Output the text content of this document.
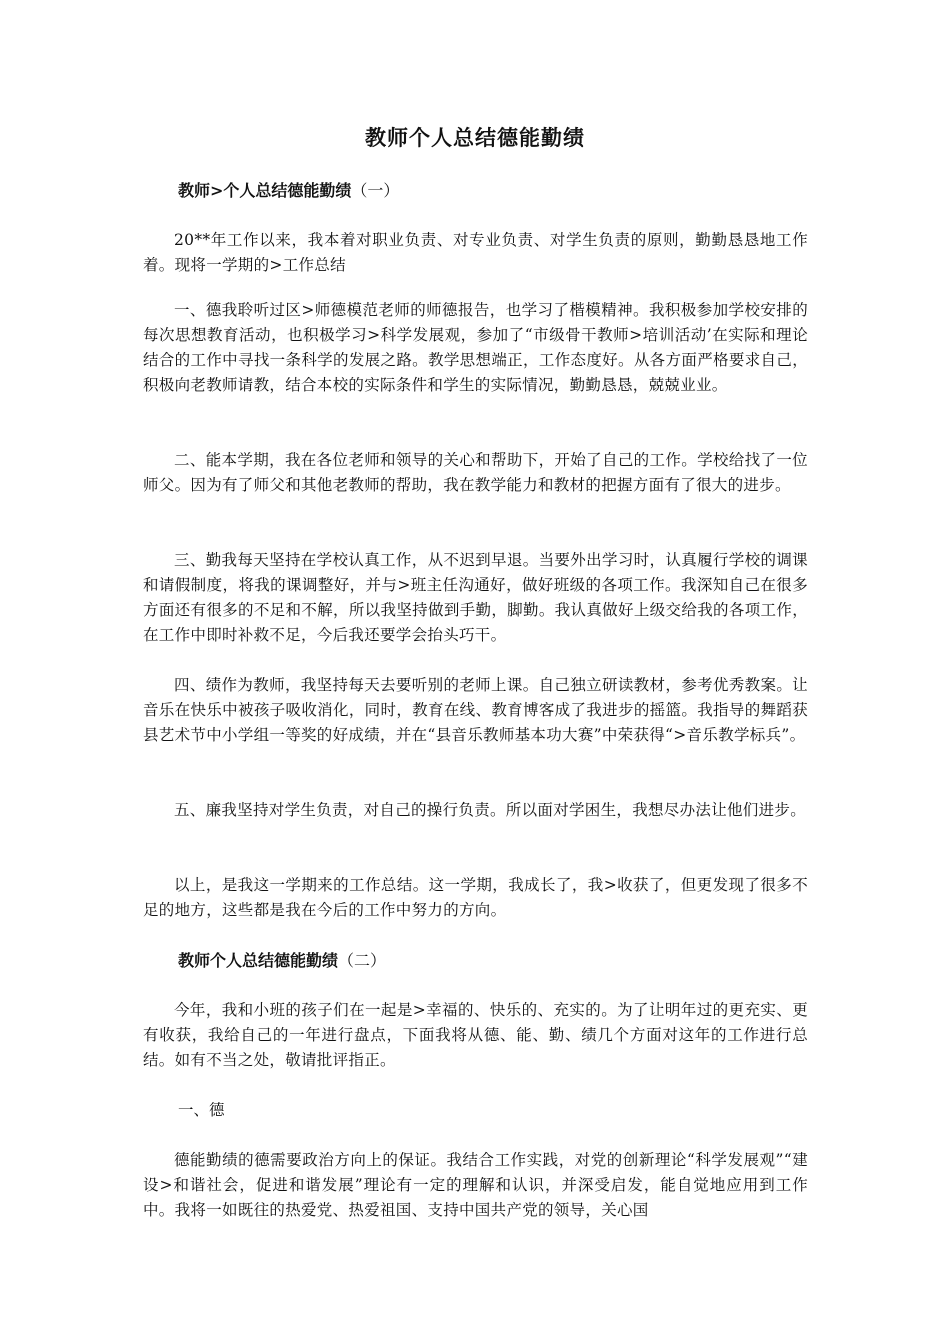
教师个人总结德能勤绩
教师>个人总结德能勤绩（一）

20**年工作以来，我本着对职业负责、对专业负责、对学生负责的原则，勤勤恳恳地工作着。现将一学期的>工作总结

一、德我聆听过区>师德模范老师的师德报告，也学习了楷模精神。我积极参加学校安排的每次思想教育活动，也积极学习>科学发展观，参加了“市级骨干教师>培训活动’在实际和理论结合的工作中寻找一条科学的发展之路。教学思想端正，工作态度好。从各方面严格要求自己，积极向老教师请教，结合本校的实际条件和学生的实际情况，勤勤恳恳，兢兢业业。

二、能本学期，我在各位老师和领导的关心和帮助下，开始了自己的工作。学校给找了一位师父。因为有了师父和其他老教师的帮助，我在教学能力和教材的把握方面有了很大的进步。

三、勤我每天坚持在学校认真工作，从不迟到早退。当要外出学习时，认真履行学校的调课和请假制度，将我的课调整好，并与>班主任沟通好，做好班级的各项工作。我深知自己在很多方面还有很多的不足和不解，所以我坚持做到手勤，脚勤。我认真做好上级交给我的各项工作，在工作中即时补救不足，今后我还要学会抬头巧干。

四、绩作为教师，我坚持每天去要听别的老师上课。自己独立研读教材，参考优秀教案。让音乐在快乐中被孩子吸收消化，同时，教育在线、教育博客成了我进步的摇篮。我指导的舞蹈获县艺术节中小学组一等奖的好成绩，并在“县音乐教师基本功大赛”中荣获得“>音乐教学标兵”。

五、廉我坚持对学生负责，对自己的操行负责。所以面对学困生，我想尽办法让他们进步。

以上，是我这一学期来的工作总结。这一学期，我成长了，我>收获了，但更发现了很多不足的地方，这些都是我在今后的工作中努力的方向。

教师个人总结德能勤绩（二）

今年，我和小班的孩子们在一起是>幸福的、快乐的、充实的。为了让明年过的更充实、更有收获，我给自己的一年进行盘点，下面我将从德、能、勤、绩几个方面对这年的工作进行总结。如有不当之处，敬请批评指正。

一、德

德能勤绩的德需要政治方向上的保证。我结合工作实践，对党的创新理论“科学发展观”“建设>和谐社会，促进和谐发展”理论有一定的理解和认识，并深受启发，能自觉地应用到工作中。我将一如既往的热爱党、热爱祖国、支持中国共产党的领导，关心国
